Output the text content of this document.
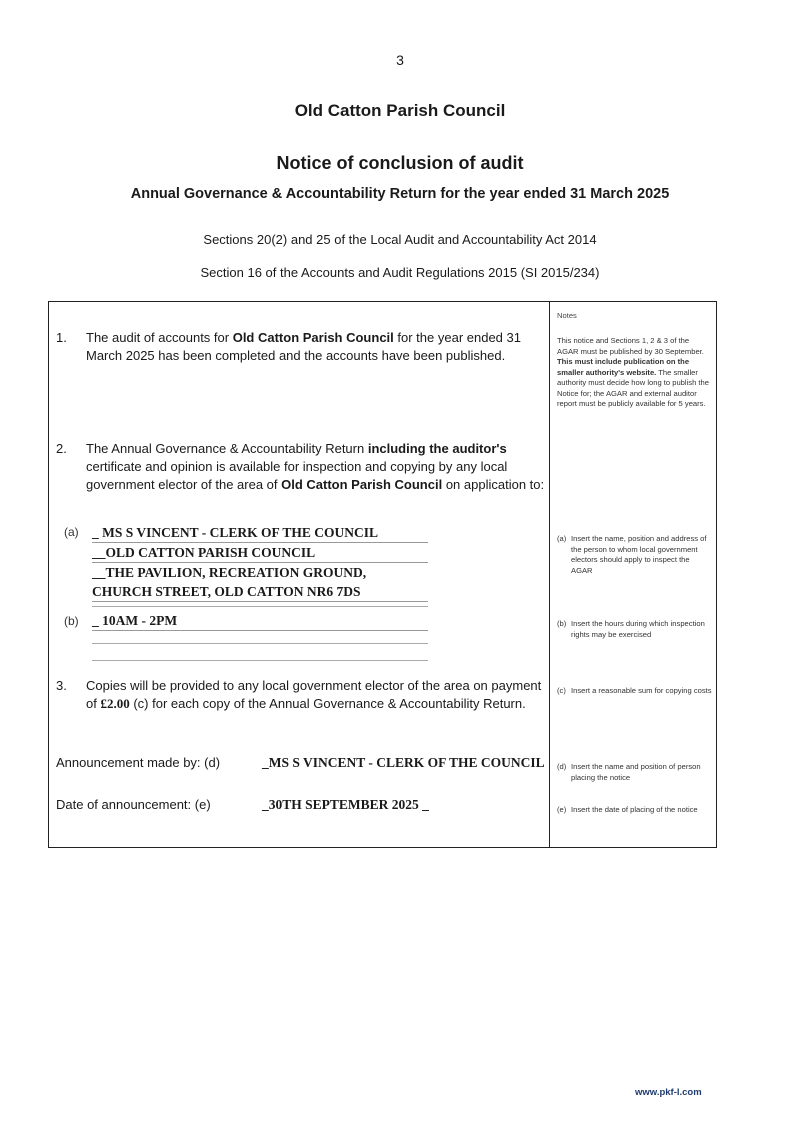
3
Old Catton Parish Council
Notice of conclusion of audit
Annual Governance & Accountability Return for the year ended 31 March 2025
Sections 20(2) and 25 of the Local Audit and Accountability Act 2014
Section 16 of the Accounts and Audit Regulations 2015 (SI 2015/234)
1.	The audit of accounts for Old Catton Parish Council for the year ended 31 March 2025 has been completed and the accounts have been published.
2.	The Annual Governance & Accountability Return including the auditor's certificate and opinion is available for inspection and copying by any local government elector of the area of Old Catton Parish Council on application to:
(a) _ MS S VINCENT - CLERK OF THE COUNCIL
__OLD CATTON PARISH COUNCIL
__THE PAVILION, RECREATION GROUND, CHURCH STREET, OLD CATTON NR6 7DS
(b) _ 10AM - 2PM
3.	Copies will be provided to any local government elector of the area on payment of £2.00 (c) for each copy of the Annual Governance & Accountability Return.
Announcement made by: (d)	_MS S VINCENT - CLERK OF THE COUNCIL
Date of announcement: (e)	_30TH SEPTEMBER 2025 _
Notes
This notice and Sections 1, 2 & 3 of the AGAR must be published by 30 September. This must include publication on the smaller authority's website. The smaller authority must decide how long to publish the Notice for; the AGAR and external auditor report must be publicly available for 5 years.
(a) Insert the name, position and address of the person to whom local government electors should apply to inspect the AGAR
(b) Insert the hours during which inspection rights may be exercised
(c) Insert a reasonable sum for copying costs
(d) Insert the name and position of person placing the notice
(e) Insert the date of placing of the notice
www.pkf-l.com
